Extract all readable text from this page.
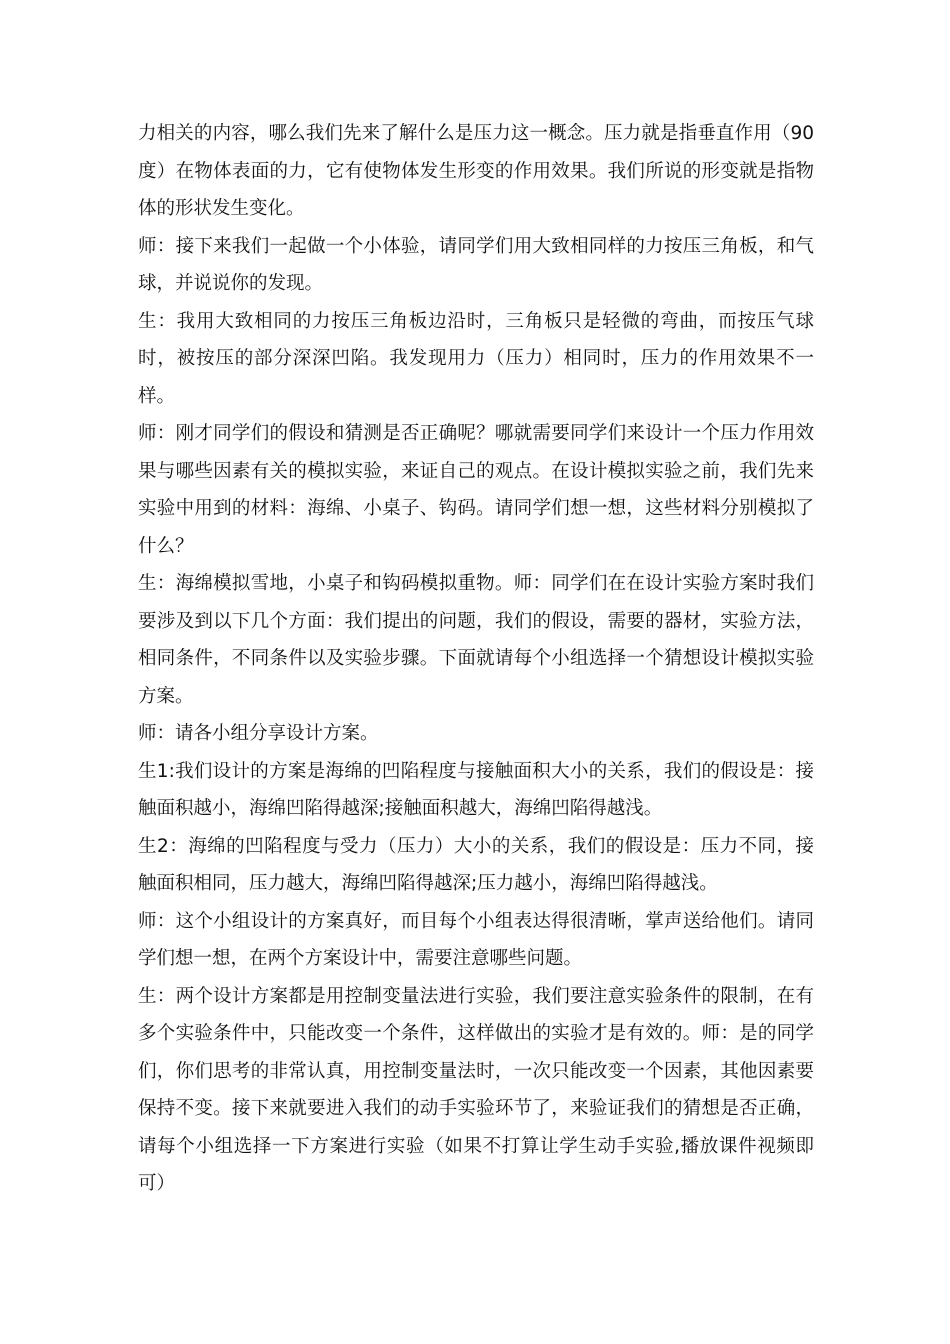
力相关的内容，哪么我们先来了解什么是压力这一概念。压力就是指垂直作用（90度）在物体表面的力，它有使物体发生形变的作用效果。我们所说的形变就是指物体的形状发生变化。

师：接下来我们一起做一个小体验，请同学们用大致相同样的力按压三角板，和气球，并说说你的发现。

生：我用大致相同的力按压三角板边沿时，三角板只是轻微的弯曲，而按压气球时，被按压的部分深深凹陷。我发现用力（压力）相同时，压力的作用效果不一样。

师：刚才同学们的假设和猜测是否正确呢？哪就需要同学们来设计一个压力作用效果与哪些因素有关的模拟实验，来证自己的观点。在设计模拟实验之前，我们先来实验中用到的材料：海绵、小桌子、钩码。请同学们想一想，这些材料分别模拟了什么？

生：海绵模拟雪地，小桌子和钩码模拟重物。师：同学们在在设计实验方案时我们要涉及到以下几个方面：我们提出的问题，我们的假设，需要的器材，实验方法，相同条件，不同条件以及实验步骤。下面就请每个小组选择一个猜想设计模拟实验方案。

师：请各小组分享设计方案。

生1:我们设计的方案是海绵的凹陷程度与接触面积大小的关系，我们的假设是：接触面积越小，海绵凹陷得越深;接触面积越大，海绵凹陷得越浅。

生2：海绵的凹陷程度与受力（压力）大小的关系，我们的假设是：压力不同，接触面积相同，压力越大，海绵凹陷得越深;压力越小，海绵凹陷得越浅。

师：这个小组设计的方案真好，而目每个小组表达得很清晰，掌声送给他们。请同学们想一想，在两个方案设计中，需要注意哪些问题。

生：两个设计方案都是用控制变量法进行实验，我们要注意实验条件的限制，在有多个实验条件中，只能改变一个条件，这样做出的实验才是有效的。师：是的同学们，你们思考的非常认真，用控制变量法时，一次只能改变一个因素，其他因素要保持不变。接下来就要进入我们的动手实验环节了，来验证我们的猜想是否正确，请每个小组选择一下方案进行实验（如果不打算让学生动手实验,播放课件视频即可）
